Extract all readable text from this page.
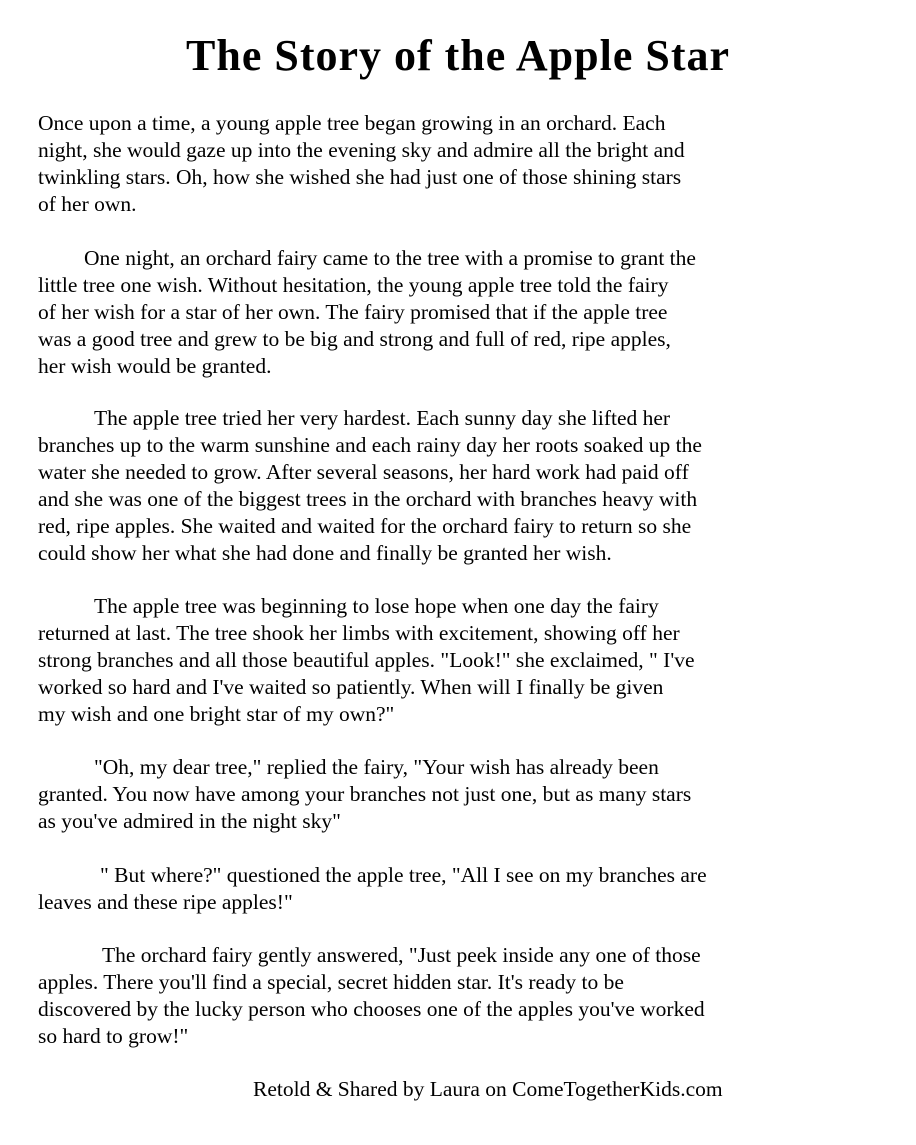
The Story of the Apple Star

Once upon a time, a young apple tree began growing in an orchard. Each
night, she would gaze up into the evening sky and admire all the bright and
twinkling stars. Oh, how she wished she had just one of those shining stars
of her own.

One night, an orchard fairy came to the tree with a promise to grant the
little tree one wish. Without hesitation, the young apple tree told the fairy
of her wish for a star of her own. The fairy promised that if the apple tree
was a good tree and grew to be big and strong and full of red, ripe apples,
her wish would be granted.

The apple tree tried her very hardest. Each sunny day she lifted her
branches up to the warm sunshine and each rainy day her roots soaked up the
water she needed to grow. After several seasons, her hard work had paid off
and she was one of the biggest trees in the orchard with branches heavy with
red, ripe apples. She waited and waited for the orchard fairy to return so she
could show her what she had done and finally be granted her wish.

The apple tree was beginning to lose hope when one day the fairy
returned at last. The tree shook her limbs with excitement, showing off her
strong branches and all those beautiful apples. "Look!" she exclaimed, " I've
worked so hard and I've waited so patiently. When will I finally be given
my wish and one bright star of my own?"

"Oh, my dear tree," replied the fairy, "Your wish has already been
granted. You now have among your branches not just one, but as many stars
as you've admired in the night sky"

" But where?" questioned the apple tree, "All I see on my branches are
leaves and these ripe apples!"

The orchard fairy gently answered, "Just peek inside any one of those
apples. There you'll find a special, secret hidden star. It's ready to be
discovered by the lucky person who chooses one of the apples you've worked
so hard to grow!"

Retold & Shared by Laura on ComeTogetherKids.com
